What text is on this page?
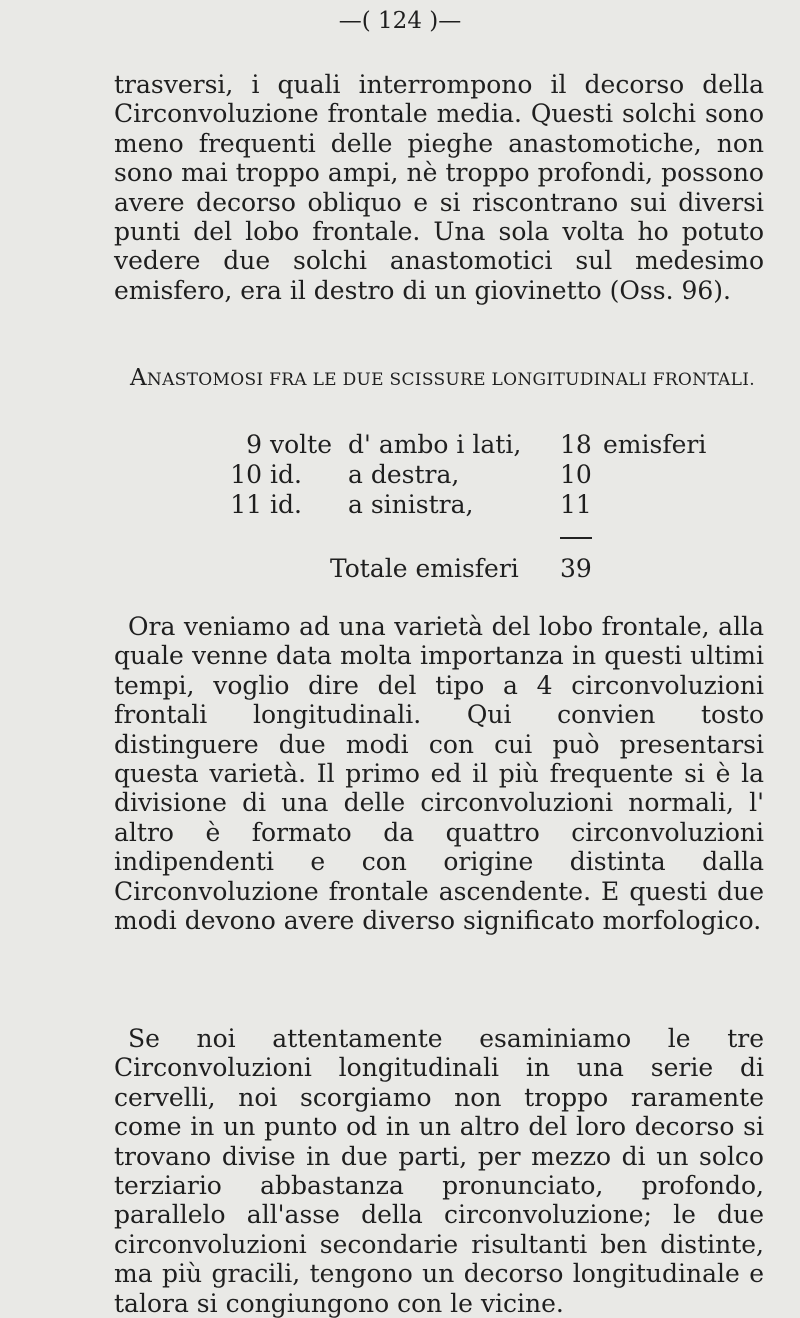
—( 124 )—

trasversi, i quali interrompono il decorso della Circonvoluzione frontale media. Questi solchi sono meno frequenti delle pieghe anastomotiche, non sono mai troppo ampi, nè troppo profondi, possono avere decorso obliquo e si riscontrano sui diversi punti del lobo frontale. Una sola volta ho potuto vedere due solchi anastomotici sul medesimo emisfero, era il destro di un giovinetto (Oss. 96).

ANASTOMOSI FRA LE DUE SCISSURE LONGITUDINALI FRONTALI.
9 volte d' ambo i lati, 18 emisferi
10 id. a destra,	10
11 id. a sinistra,	11
Totale emisferi 39

Ora veniamo ad una varietà del lobo frontale, alla quale venne data molta importanza in questi ultimi tempi, voglio dire del tipo a 4 circonvoluzioni frontali longitudinali. Qui convien tosto distinguere due modi con cui può presentarsi questa varietà. Il primo ed il più frequente si è la divisione di una delle circonvoluzioni normali, l' altro è formato da quattro circonvoluzioni indipendenti e con origine distinta dalla Circonvoluzione frontale ascendente. E questi due modi devono avere diverso significato morfologico.

Se noi attentamente esaminiamo le tre Circonvoluzioni longitudinali in una serie di cervelli, noi scorgiamo non troppo raramente come in un punto od in un altro del loro decorso si trovano divise in due parti, per mezzo di un solco terziario abbastanza pronunciato, profondo, parallelo all'asse della circonvoluzione; le due circonvoluzioni secondarie risultanti ben distinte, ma più gracili, tengono un decorso longitudinale e talora si congiungono con le vicine.
